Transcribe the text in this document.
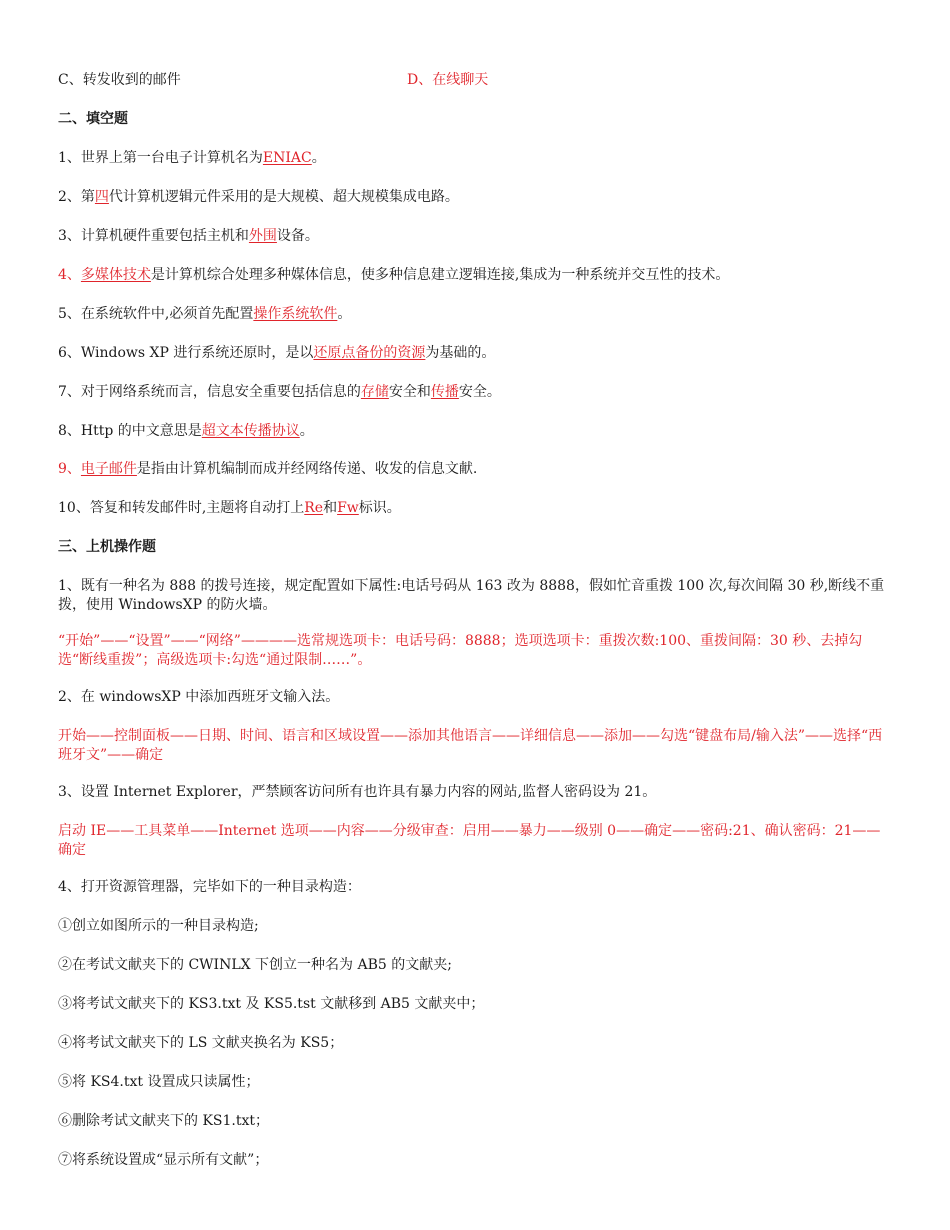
C、转发收到的邮件	D、在线聊天
二、填空题
1、世界上第一台电子计算机名为ENIAC。
2、第四代计算机逻辑元件采用的是大规模、超大规模集成电路。
3、计算机硬件重要包括主机和外围设备。
4、多媒体技术是计算机综合处理多种媒体信息，使多种信息建立逻辑连接,集成为一种系统并交互性的技术。
5、在系统软件中,必须首先配置操作系统软件。
6、Windows XP 进行系统还原时，是以还原点备份的资源为基础的。
7、对于网络系统而言，信息安全重要包括信息的存储安全和传播安全。
8、Http 的中文意思是超文本传播协议。
9、电子邮件是指由计算机编制而成并经网络传递、收发的信息文献.
10、答复和转发邮件时,主题将自动打上Re和Fw标识。
三、上机操作题
1、既有一种名为 888 的拨号连接，规定配置如下属性:电话号码从 163 改为 8888，假如忙音重拨 100 次,每次间隔 30 秒,断线不重拨，使用 WindowsXP 的防火墙。
“开始”——“设置”——“网络”————选常规选项卡：电话号码：8888；选项选项卡：重拨次数:100、重拨间隔：30 秒、去掉勾选“断线重拨”；高级选项卡:勾选“通过限制……”。
2、在 windowsXP 中添加西班牙文输入法。
开始——控制面板——日期、时间、语言和区域设置——添加其他语言——详细信息——添加——勾选“键盘布局/输入法”——选择“西班牙文”——确定
3、设置 Internet Explorer，严禁顾客访问所有也许具有暴力内容的网站,监督人密码设为 21。
启动 IE——工具菜单——Internet 选项——内容——分级审查：启用——暴力——级别 0——确定——密码:21、确认密码：21——确定
4、打开资源管理器，完毕如下的一种目录构造：
①创立如图所示的一种目录构造;
②在考试文献夹下的 CWINLX 下创立一种名为 AB5 的文献夹;
③将考试文献夹下的 KS3.txt 及 KS5.tst 文献移到 AB5 文献夹中；
④将考试文献夹下的 LS 文献夹换名为 KS5；
⑤将 KS4.txt 设置成只读属性；
⑥删除考试文献夹下的 KS1.txt；
⑦将系统设置成“显示所有文献”；
